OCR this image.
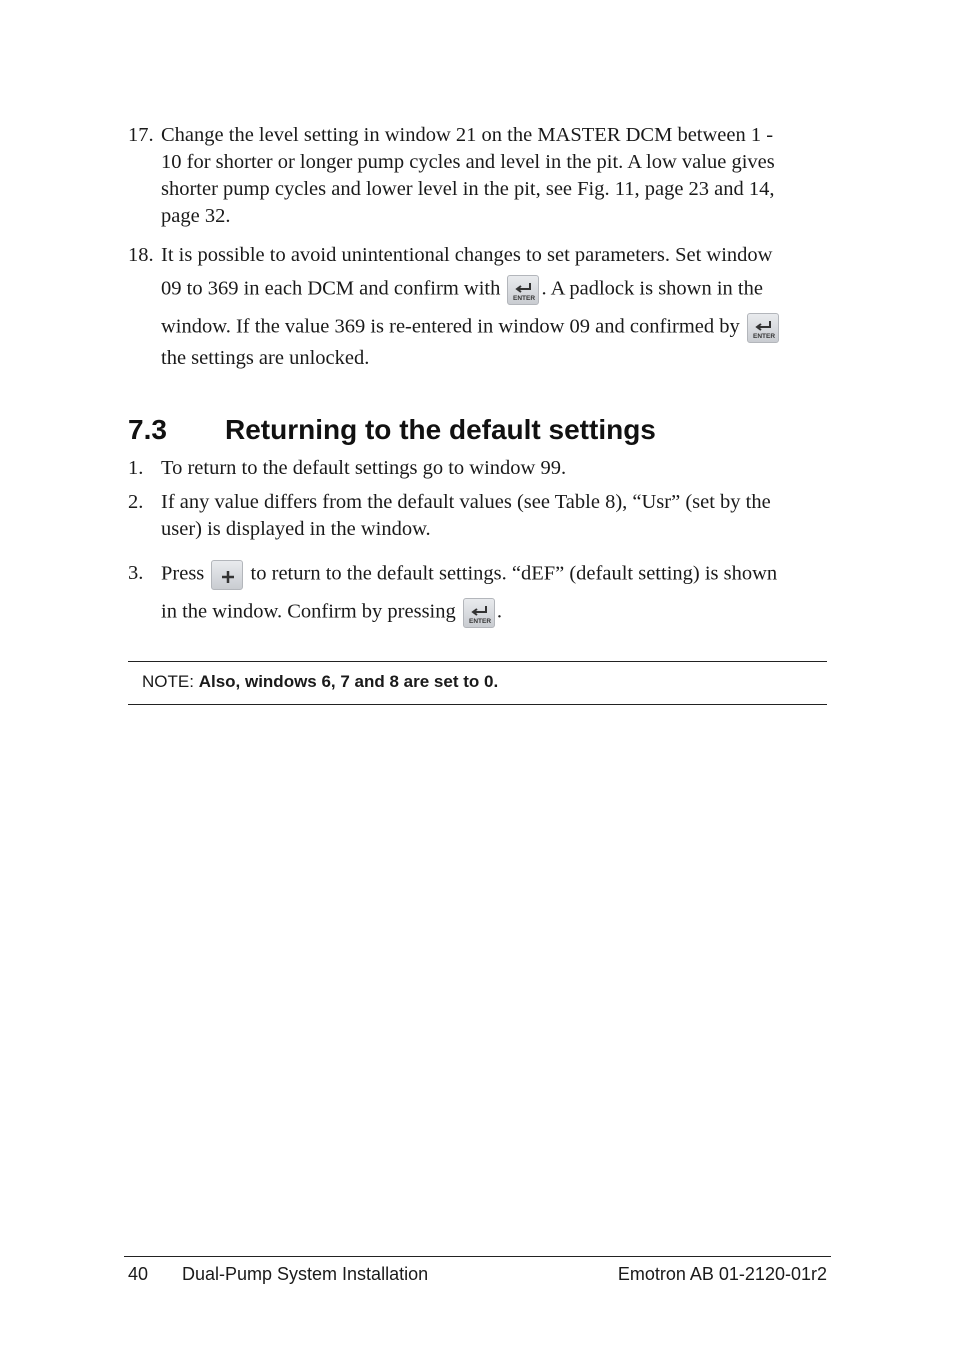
17. Change the level setting in window 21 on the MASTER DCM between 1 -
10 for shorter or longer pump cycles and level in the pit. A low value gives
shorter pump cycles and lower level in the pit, see Fig. 11, page 23 and 14,
page 32.
18. It is possible to avoid unintentional changes to set parameters. Set window
09 to 369 in each DCM and confirm with ENTER . A padlock is shown in the
window. If the value 369 is re-entered in window 09 and confirmed by ENTER
the settings are unlocked.
7.3 Returning to the default settings
1. To return to the default settings go to window 99.
2. If any value differs from the default values (see Table 8), “Usr” (set by the
user) is displayed in the window.
3. Press to return to the default settings. “dEF” (default setting) is shown
in the window. Confirm by pressing ENTER .
NOTE: Also, windows 6, 7 and 8 are set to 0.
40 Dual-Pump System Installation	Emotron AB 01-2120-01r2
